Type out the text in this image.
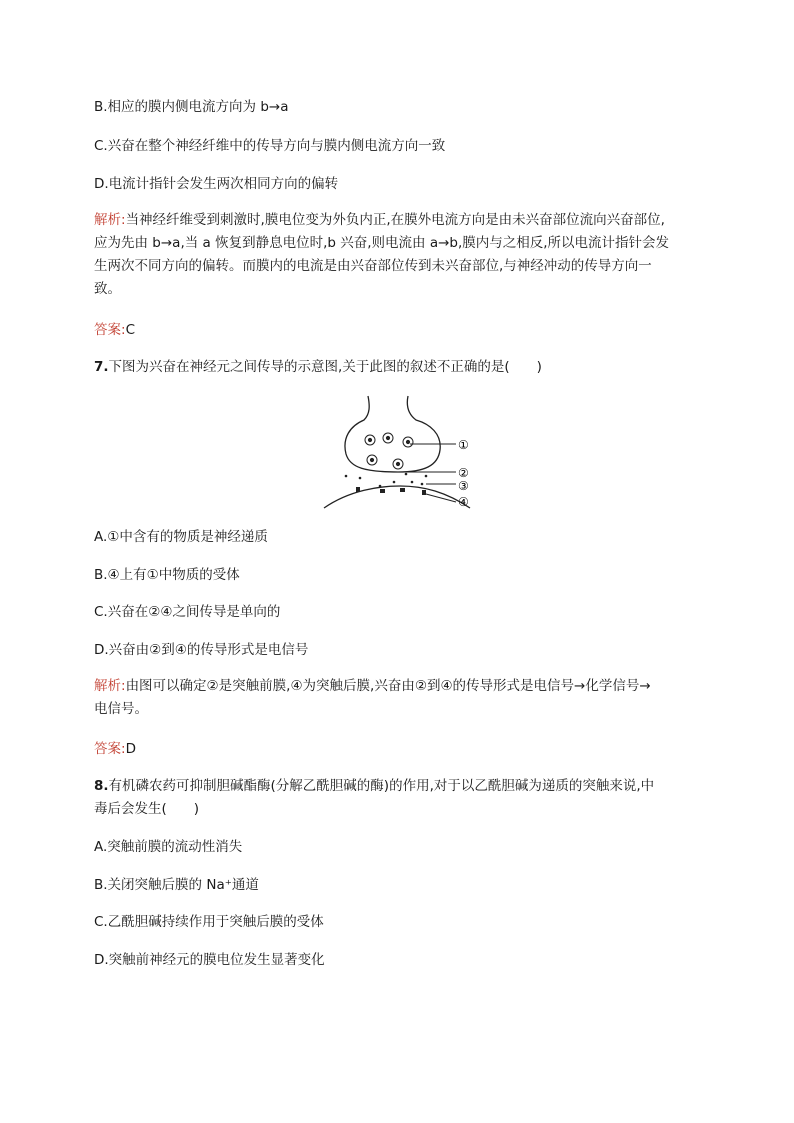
B.相应的膜内侧电流方向为 b→a
C.兴奋在整个神经纤维中的传导方向与膜内侧电流方向一致
D.电流计指针会发生两次相同方向的偏转
解析:当神经纤维受到刺激时,膜电位变为外负内正,在膜外电流方向是由未兴奋部位流向兴奋部位,
应为先由 b→a,当 a 恢复到静息电位时,b 兴奋,则电流由 a→b,膜内与之相反,所以电流计指针会发
生两次不同方向的偏转。而膜内的电流是由兴奋部位传到未兴奋部位,与神经冲动的传导方向一
致。
答案:C
7.下图为兴奋在神经元之间传导的示意图,关于此图的叙述不正确的是(　　)
①
②
③
④
A.①中含有的物质是神经递质
B.④上有①中物质的受体
C.兴奋在②④之间传导是单向的
D.兴奋由②到④的传导形式是电信号
解析:由图可以确定②是突触前膜,④为突触后膜,兴奋由②到④的传导形式是电信号→化学信号→
电信号。
答案:D
8.有机磷农药可抑制胆碱酯酶(分解乙酰胆碱的酶)的作用,对于以乙酰胆碱为递质的突触来说,中
毒后会发生(　　)
A.突触前膜的流动性消失
B.关闭突触后膜的 Na⁺通道
C.乙酰胆碱持续作用于突触后膜的受体
D.突触前神经元的膜电位发生显著变化
